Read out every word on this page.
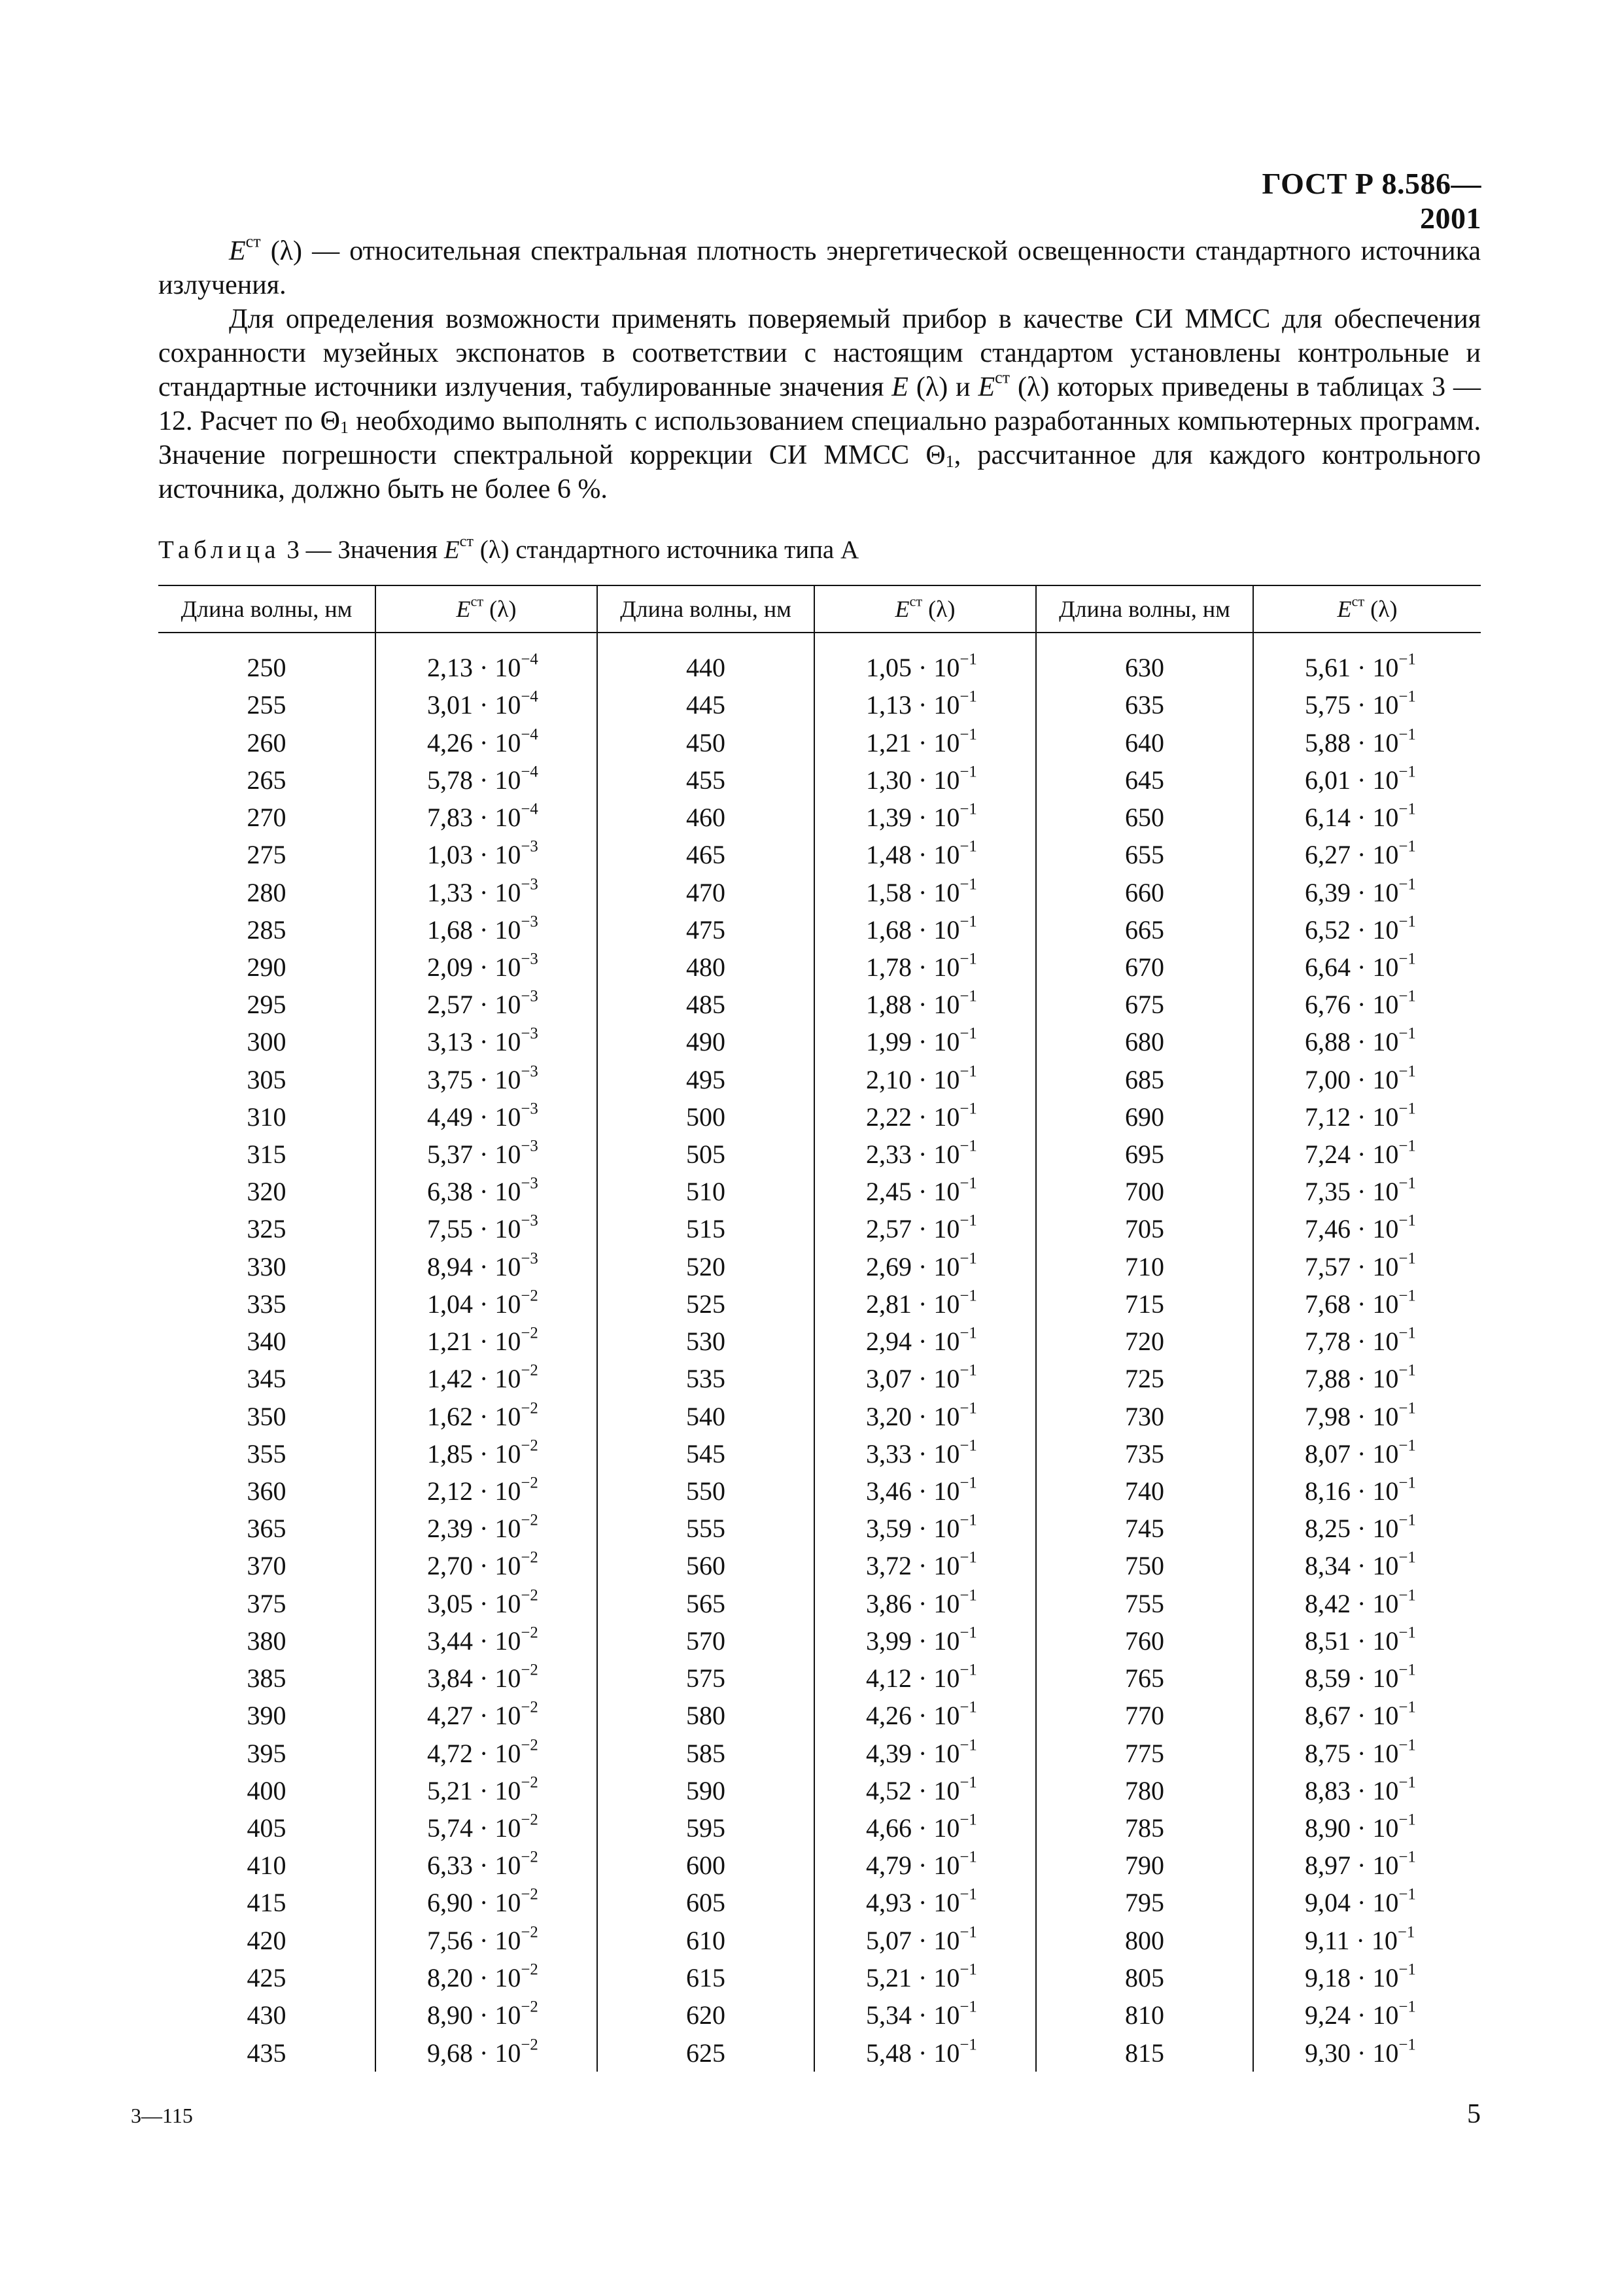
ГОСТ Р 8.586—2001

$E^{ст}$ (λ) — относительная спектральная плотность энергетической освещенности стандартного источника излучения.

Для определения возможности применять поверяемый прибор в качестве СИ ММСС для обеспечения сохранности музейных экспонатов в соответствии с настоящим стандартом установлены контрольные и стандартные источники излучения, табулированные значения E (λ) и $E^{ст}$ (λ) которых приведены в таблицах 3 — 12. Расчет по $\Theta_1$ необходимо выполнять с использованием специально разработанных компьютерных программ. Значение погрешности спектральной коррекции СИ ММСС $\Theta_1$, рассчитанное для каждого контрольного источника, должно быть не более 6 %.

Таблица 3 — Значения $E^{ст}$ (λ) стандартного источника типа А
Длина волны, нм	$E^{ст}$ (λ)	Длина волны, нм	$E^{ст}$ (λ)	Длина волны, нм	$E^{ст}$ (λ)

250	$2,13 \cdot 10^{-4}$	440	$1,05 \cdot 10^{-1}$	630	$5,61 \cdot 10^{-1}$
255	$3,01 \cdot 10^{-4}$	445	$1,13 \cdot 10^{-1}$	635	$5,75 \cdot 10^{-1}$
260	$4,26 \cdot 10^{-4}$	450	$1,21 \cdot 10^{-1}$	640	$5,88 \cdot 10^{-1}$
265	$5,78 \cdot 10^{-4}$	455	$1,30 \cdot 10^{-1}$	645	$6,01 \cdot 10^{-1}$
270	$7,83 \cdot 10^{-4}$	460	$1,39 \cdot 10^{-1}$	650	$6,14 \cdot 10^{-1}$
275	$1,03 \cdot 10^{-3}$	465	$1,48 \cdot 10^{-1}$	655	$6,27 \cdot 10^{-1}$
280	$1,33 \cdot 10^{-3}$	470	$1,58 \cdot 10^{-1}$	660	$6,39 \cdot 10^{-1}$
285	$1,68 \cdot 10^{-3}$	475	$1,68 \cdot 10^{-1}$	665	$6,52 \cdot 10^{-1}$
290	$2,09 \cdot 10^{-3}$	480	$1,78 \cdot 10^{-1}$	670	$6,64 \cdot 10^{-1}$
295	$2,57 \cdot 10^{-3}$	485	$1,88 \cdot 10^{-1}$	675	$6,76 \cdot 10^{-1}$
300	$3,13 \cdot 10^{-3}$	490	$1,99 \cdot 10^{-1}$	680	$6,88 \cdot 10^{-1}$
305	$3,75 \cdot 10^{-3}$	495	$2,10 \cdot 10^{-1}$	685	$7,00 \cdot 10^{-1}$
310	$4,49 \cdot 10^{-3}$	500	$2,22 \cdot 10^{-1}$	690	$7,12 \cdot 10^{-1}$
315	$5,37 \cdot 10^{-3}$	505	$2,33 \cdot 10^{-1}$	695	$7,24 \cdot 10^{-1}$
320	$6,38 \cdot 10^{-3}$	510	$2,45 \cdot 10^{-1}$	700	$7,35 \cdot 10^{-1}$
325	$7,55 \cdot 10^{-3}$	515	$2,57 \cdot 10^{-1}$	705	$7,46 \cdot 10^{-1}$
330	$8,94 \cdot 10^{-3}$	520	$2,69 \cdot 10^{-1}$	710	$7,57 \cdot 10^{-1}$
335	$1,04 \cdot 10^{-2}$	525	$2,81 \cdot 10^{-1}$	715	$7,68 \cdot 10^{-1}$
340	$1,21 \cdot 10^{-2}$	530	$2,94 \cdot 10^{-1}$	720	$7,78 \cdot 10^{-1}$
345	$1,42 \cdot 10^{-2}$	535	$3,07 \cdot 10^{-1}$	725	$7,88 \cdot 10^{-1}$
350	$1,62 \cdot 10^{-2}$	540	$3,20 \cdot 10^{-1}$	730	$7,98 \cdot 10^{-1}$
355	$1,85 \cdot 10^{-2}$	545	$3,33 \cdot 10^{-1}$	735	$8,07 \cdot 10^{-1}$
360	$2,12 \cdot 10^{-2}$	550	$3,46 \cdot 10^{-1}$	740	$8,16 \cdot 10^{-1}$
365	$2,39 \cdot 10^{-2}$	555	$3,59 \cdot 10^{-1}$	745	$8,25 \cdot 10^{-1}$
370	$2,70 \cdot 10^{-2}$	560	$3,72 \cdot 10^{-1}$	750	$8,34 \cdot 10^{-1}$
375	$3,05 \cdot 10^{-2}$	565	$3,86 \cdot 10^{-1}$	755	$8,42 \cdot 10^{-1}$
380	$3,44 \cdot 10^{-2}$	570	$3,99 \cdot 10^{-1}$	760	$8,51 \cdot 10^{-1}$
385	$3,84 \cdot 10^{-2}$	575	$4,12 \cdot 10^{-1}$	765	$8,59 \cdot 10^{-1}$
390	$4,27 \cdot 10^{-2}$	580	$4,26 \cdot 10^{-1}$	770	$8,67 \cdot 10^{-1}$
395	$4,72 \cdot 10^{-2}$	585	$4,39 \cdot 10^{-1}$	775	$8,75 \cdot 10^{-1}$
400	$5,21 \cdot 10^{-2}$	590	$4,52 \cdot 10^{-1}$	780	$8,83 \cdot 10^{-1}$
405	$5,74 \cdot 10^{-2}$	595	$4,66 \cdot 10^{-1}$	785	$8,90 \cdot 10^{-1}$
410	$6,33 \cdot 10^{-2}$	600	$4,79 \cdot 10^{-1}$	790	$8,97 \cdot 10^{-1}$
415	$6,90 \cdot 10^{-2}$	605	$4,93 \cdot 10^{-1}$	795	$9,04 \cdot 10^{-1}$
420	$7,56 \cdot 10^{-2}$	610	$5,07 \cdot 10^{-1}$	800	$9,11 \cdot 10^{-1}$
425	$8,20 \cdot 10^{-2}$	615	$5,21 \cdot 10^{-1}$	805	$9,18 \cdot 10^{-1}$
430	$8,90 \cdot 10^{-2}$	620	$5,34 \cdot 10^{-1}$	810	$9,24 \cdot 10^{-1}$
435	$9,68 \cdot 10^{-2}$	625	$5,48 \cdot 10^{-1}$	815	$9,30 \cdot 10^{-1}$
3—115	5
